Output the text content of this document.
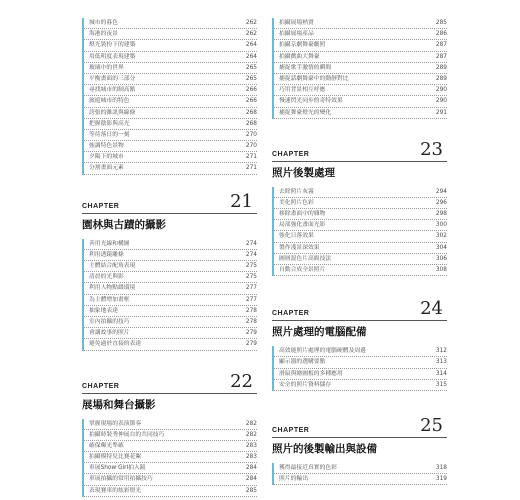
城市的暮色	262
海港的夜景	262
燈光裝扮下的建築	264
用低明度表現建築	264
玻璃中的世界	265
平衡畫面的三部分	265
尋找城市的制高點	266
旅遊城市的特色	266
誇張的雜訊與線條	268
把握陰影與高光	268
等待落日的一刻	270
強調特色景物	270
夕陽下的城市	271
分割畫面元素	271
CHAPTER	21
園林與古蹟的攝影
善用光線和構圖	274
利用透鏡雕條	274
主體結合配角表現	275
清晨的光與影	275
利用人物點綴環境	277
為主體增加畫框	277
抽象地表達	278
室內拍攝的技巧	278
會講故事的照片	279
避免過於直接的表達	279
CHAPTER	22
展場和舞台攝影
掌握現場的表演節奏	282
拍攝時裝秀伸展台的共同技巧	282
確保曝光準確	283
拍攝模特兒比賽花絮	283
車展Show Girl拍入鏡	284
車展拍攝的常用拍攝技巧	284
表現賽車的炫彩燈光	285
拍攝展場熱賣	285
拍攝展場產品	286
拍攝京劇舞臺劇照	287
拍攝戲曲大舞臺	287
捕捉歌手激情的瞬間	289
捕捉話劇舞臺中的動靜對比	289
巧用背景相互呼應	290
慢速閃光同步的奇特效果	290
捕捉舞臺燈光的變化	291
CHAPTER	23
照片後製處理
去除照片灰霧	294
美化照片色彩	296
移除畫面中的雜物	298
局部強化畫面光影	300
強化日落效果	302
製作淺景深效果	304
圖層混色片高級技法	306
自動合成全景照片	308
CHAPTER	24
照片處理的電腦配備
高效能照片處理的電腦硬體及周邊	312
顯示器的選購要點	313
滑鼠與繪圖板的多種應用	314
安全的照片資料儲存	315
CHAPTER	25
照片的後製輸出與設備
獲得最接近真實的色彩	318
照片的輸出	319
